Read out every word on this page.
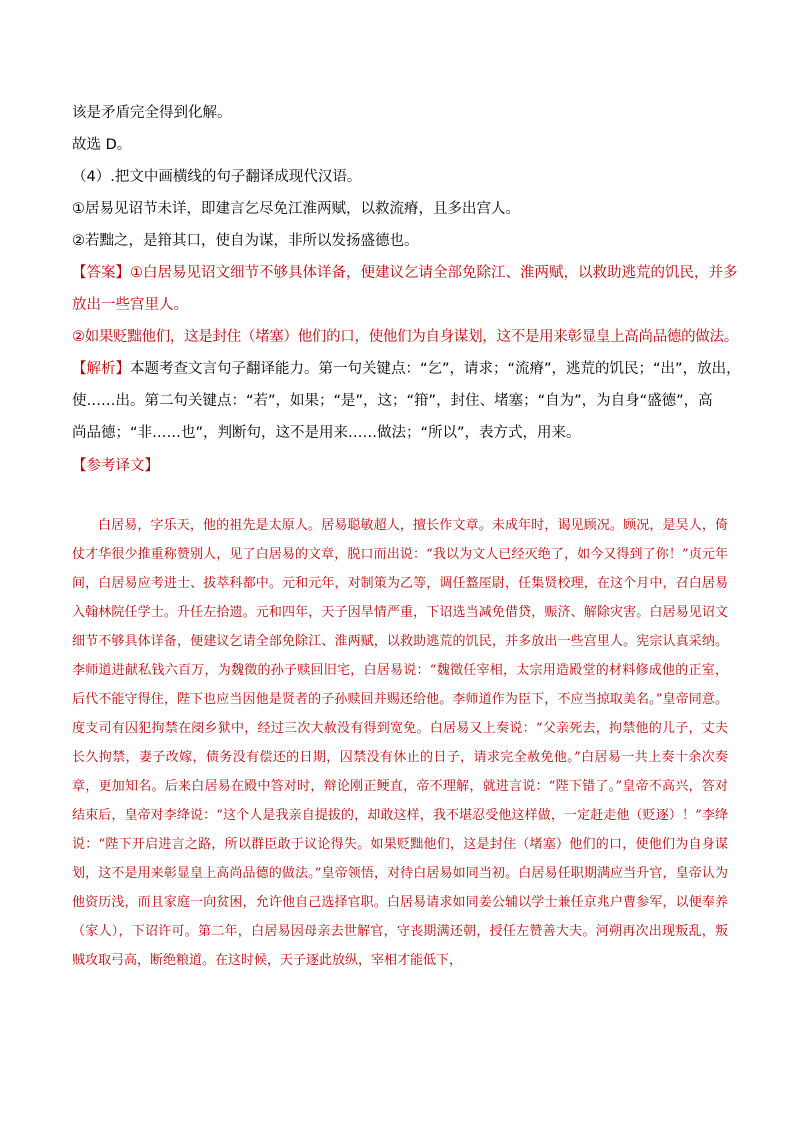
该是矛盾完全得到化解。
故选 D。
（4）.把文中画横线的句子翻译成现代汉语。
①居易见诏节未详，即建言乞尽免江淮两赋，以救流瘠，且多出宫人。
②若黜之，是箝其口，使自为谋，非所以发扬盛德也。
【答案】①白居易见诏文细节不够具体详备，便建议乞请全部免除江、淮两赋，以救助逃荒的饥民，并多
放出一些宫里人。
②如果贬黜他们，这是封住（堵塞）他们的口，使他们为自身谋划，这不是用来彰显皇上高尚品德的做法。
【解析】本题考查文言句子翻译能力。第一句关键点：“乞”，请求；“流瘠”，逃荒的饥民；“出”，放出，
使……出。第二句关键点：“若”，如果；“是”，这；“箝”，封住、堵塞；“自为”，为自身“盛德”，高
尚品德；“非……也”，判断句，这不是用来……做法；“所以”，表方式，用来。
【参考译文】
白居易，字乐天，他的祖先是太原人。居易聪敏超人，擅长作文章。未成年时，谒见顾况。顾况，是吴人，倚仗才华很少推重称赞别人，见了白居易的文章，脱口而出说：“我以为文人已经灭绝了，如今又得到了你！”贞元年间，白居易应考进士、拔萃科都中。元和元年，对制策为乙等，调任盩厔尉，任集贤校理，在这个月中，召白居易入翰林院任学士。升任左拾遗。元和四年，天子因旱情严重，下诏选当减免借贷，赈济、解除灾害。白居易见诏文细节不够具体详备，便建议乞请全部免除江、淮两赋，以救助逃荒的饥民，并多放出一些宫里人。宪宗认真采纳。李师道进献私钱六百万，为魏徵的孙子赎回旧宅，白居易说：“魏徵任宰相，太宗用造殿堂的材料修成他的正室，后代不能守得住，陛下也应当因他是贤者的子孙赎回并赐还给他。李师道作为臣下，不应当掠取美名。”皇帝同意。度支司有囚犯拘禁在阌乡狱中，经过三次大赦没有得到宽免。白居易又上奏说：“父亲死去，拘禁他的儿子，丈夫长久拘禁，妻子改嫁，债务没有偿还的日期，囚禁没有休止的日子，请求完全赦免他。”白居易一共上奏十余次奏章，更加知名。后来白居易在殿中答对时，辩论刚正鲠直，帝不理解，就进言说：“陛下错了。”皇帝不高兴，答对结束后，皇帝对李绛说：“这个人是我亲自提拔的，却敢这样，我不堪忍受他这样做，一定赶走他（贬逐）！”李绛说：“陛下开启进言之路，所以群臣敢于议论得失。如果贬黜他们，这是封住（堵塞）他们的口，使他们为自身谋划，这不是用来彰显皇上高尚品德的做法。”皇帝领悟，对待白居易如同当初。白居易任职期满应当升官，皇帝认为他资历浅，而且家庭一向贫困，允许他自己选择官职。白居易请求如同姜公辅以学士兼任京兆户曹参军，以便奉养（家人），下诏许可。第二年，白居易因母亲去世解官，守丧期满还朝，授任左赞善大夫。河朔再次出现叛乱，叛贼攻取弓高，断绝粮道。在这时候，天子逐此放纵，宰相才能低下，
